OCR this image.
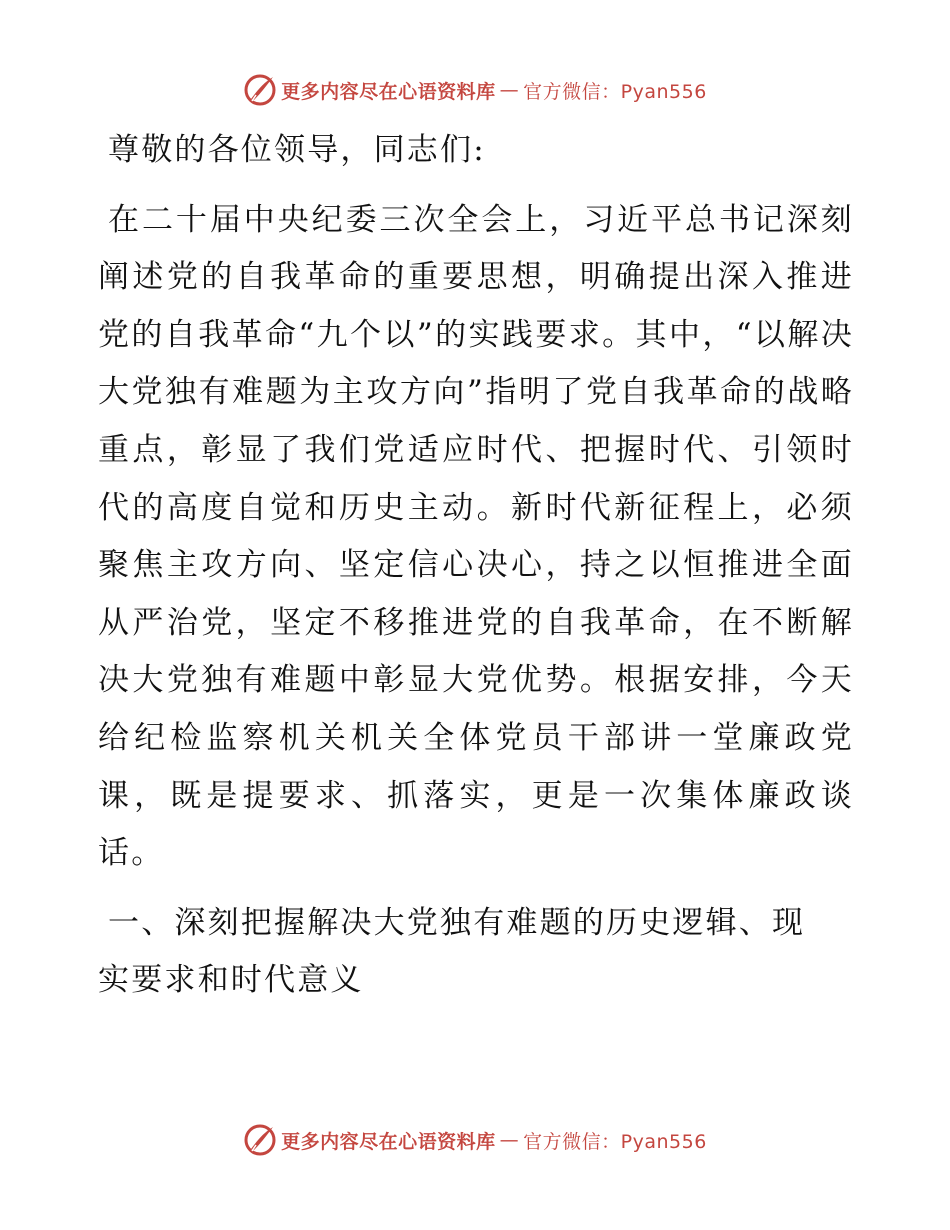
更多内容尽在心语资料库 — 官方微信：Pyan556

尊敬的各位领导，同志们:

在二十届中央纪委三次全会上，习近平总书记深刻阐述党的自我革命的重要思想，明确提出深入推进党的自我革命“九个以”的实践要求。其中，“以解决大党独有难题为主攻方向”指明了党自我革命的战略重点，彰显了我们党适应时代、把握时代、引领时代的高度自觉和历史主动。新时代新征程上，必须聚焦主攻方向、坚定信心决心，持之以恒推进全面从严治党，坚定不移推进党的自我革命，在不断解决大党独有难题中彰显大党优势。根据安排，今天给纪检监察机关机关全体党员干部讲一堂廉政党课，既是提要求、抓落实，更是一次集体廉政谈话。

一、深刻把握解决大党独有难题的历史逻辑、现
实要求和时代意义

更多内容尽在心语资料库 — 官方微信：Pyan556
